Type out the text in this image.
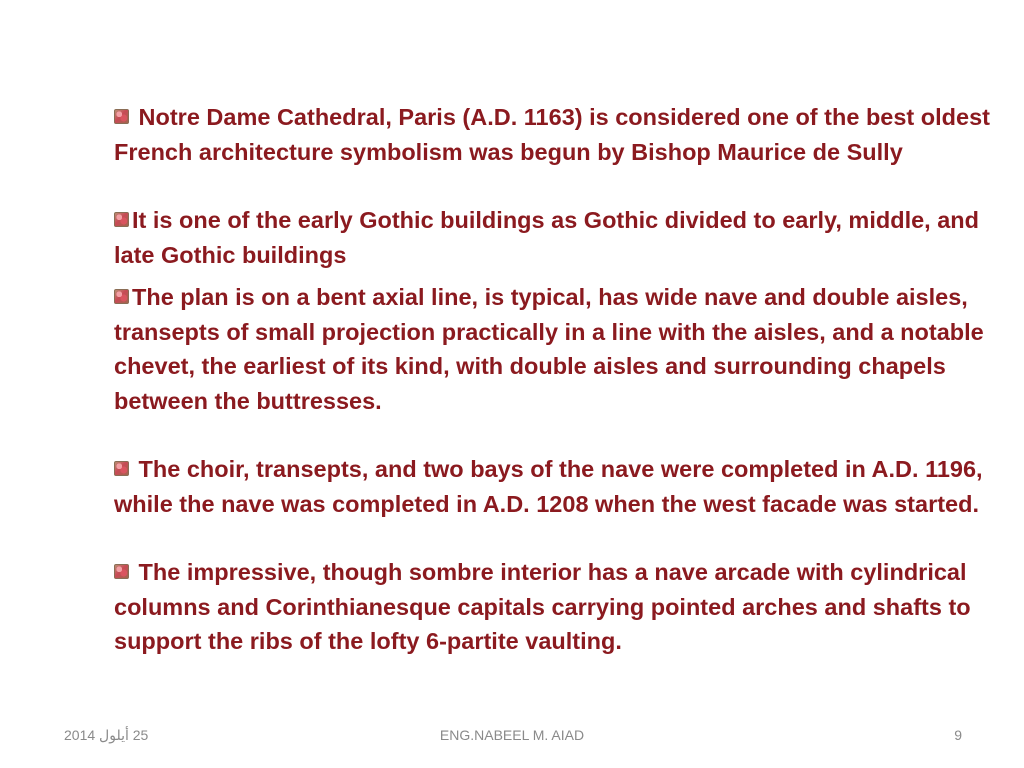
Notre Dame Cathedral, Paris (A.D. 1163) is considered one of the best oldest French architecture symbolism was begun by Bishop Maurice de Sully

It is one of the early Gothic buildings as Gothic divided to early, middle, and late Gothic buildings

The plan is on a bent axial line, is typical, has wide nave and double aisles, transepts of small projection practically in a line with the aisles, and a notable chevet, the earliest of its kind, with double aisles and surrounding chapels between the buttresses.

The choir, transepts, and two bays of the nave were completed in A.D. 1196, while the nave was completed in A.D. 1208 when the west facade was started.

The impressive, though sombre interior has a nave arcade with cylindrical columns and Corinthianesque capitals carrying pointed arches and shafts to support the ribs of the lofty 6-partite vaulting.

25 أيلول 2014	ENG.NABEEL M. AIAD	9
